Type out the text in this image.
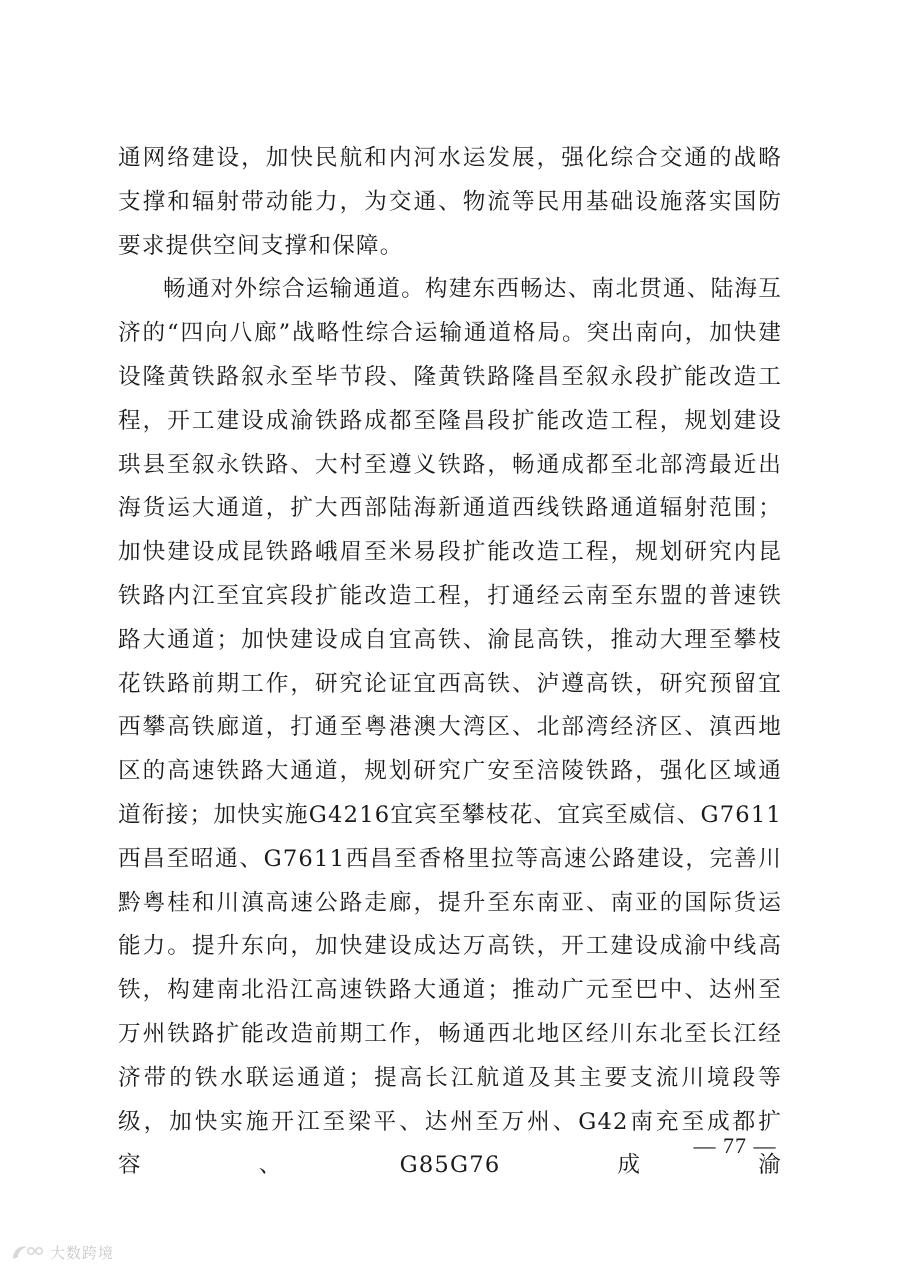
通网络建设，加快民航和内河水运发展，强化综合交通的战略支撑和辐射带动能力，为交通、物流等民用基础设施落实国防要求提供空间支撑和保障。

畅通对外综合运输通道。构建东西畅达、南北贯通、陆海互济的“四向八廊”战略性综合运输通道格局。突出南向，加快建设隆黄铁路叙永至毕节段、隆黄铁路隆昌至叙永段扩能改造工程，开工建设成渝铁路成都至隆昌段扩能改造工程，规划建设珙县至叙永铁路、大村至遵义铁路，畅通成都至北部湾最近出海货运大通道，扩大西部陆海新通道西线铁路通道辐射范围；加快建设成昆铁路峨眉至米易段扩能改造工程，规划研究内昆铁路内江至宜宾段扩能改造工程，打通经云南至东盟的普速铁路大通道；加快建设成自宜高铁、渝昆高铁，推动大理至攀枝花铁路前期工作，研究论证宜西高铁、泸遵高铁，研究预留宜西攀高铁廊道，打通至粤港澳大湾区、北部湾经济区、滇西地区的高速铁路大通道，规划研究广安至涪陵铁路，强化区域通道衔接；加快实施G4216宜宾至攀枝花、宜宾至威信、G7611西昌至昭通、G7611西昌至香格里拉等高速公路建设，完善川黔粤桂和川滇高速公路走廊，提升至东南亚、南亚的国际货运能力。提升东向，加快建设成达万高铁，开工建设成渝中线高铁，构建南北沿江高速铁路大通道；推动广元至巴中、达州至万州铁路扩能改造前期工作，畅通西北地区经川东北至长江经济带的铁水联运通道；提高长江航道及其主要支流川境段等级，加快实施开江至梁平、达州至万州、G42南充至成都扩容、G85G76成渝

— 77 —
大数跨境
